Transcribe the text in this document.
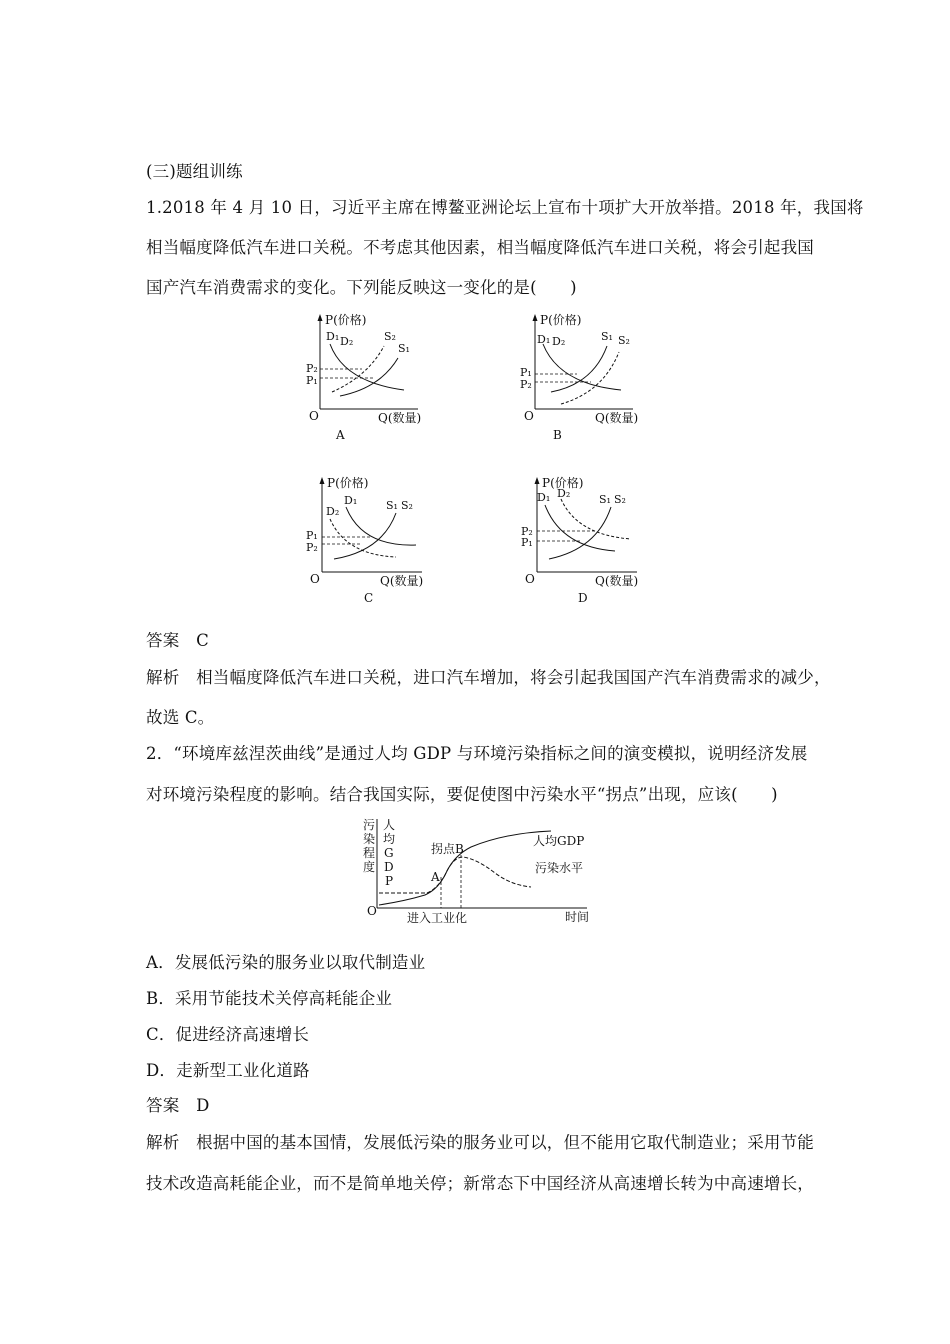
(三)题组训练
1.2018 年 4 月 10 日，习近平主席在博鳌亚洲论坛上宣布十项扩大开放举措。2018 年，我国将
相当幅度降低汽车进口关税。不考虑其他因素，相当幅度降低汽车进口关税，将会引起我国
国产汽车消费需求的变化。下列能反映这一变化的是(　　)
P(价格)
O	Q(数量)
D₁ D₂	S₂
S₁
P₂
P₁
A
P(价格)
O	Q(数量)
D₁ D₂	S₁ S₂
P₁
P₂
B
P(价格)
O	Q(数量)
D₂
D₁	S₁ S₂
P₁
P₂
C
P(价格)
O	Q(数量)
D₁ D₂	S₁ S₂
P₂
P₁
D
答案　C
解析　相当幅度降低汽车进口关税，进口汽车增加，将会引起我国国产汽车消费需求的减少，
故选 C。
2．“环境库兹涅茨曲线”是通过人均 GDP 与环境污染指标之间的演变模拟，说明经济发展
对环境污染程度的影响。结合我国实际，要促使图中污染水平“拐点”出现，应该(　　)
污染程度
人均 G D P
O
A
拐点B
人均GDP
污染水平
进入工业化	时间
A．发展低污染的服务业以取代制造业
B．采用节能技术关停高耗能企业
C．促进经济高速增长
D．走新型工业化道路
答案　D
解析　根据中国的基本国情，发展低污染的服务业可以，但不能用它取代制造业；采用节能
技术改造高耗能企业，而不是简单地关停；新常态下中国经济从高速增长转为中高速增长，
